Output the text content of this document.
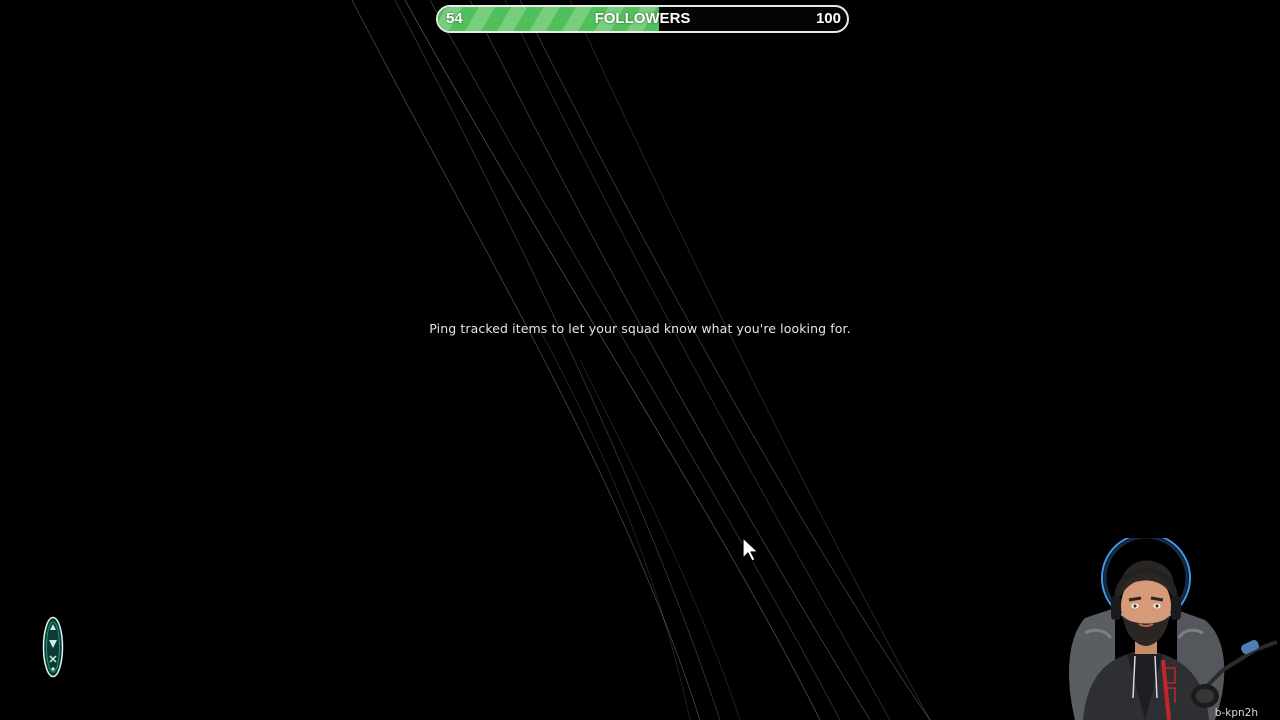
54	FOLLOWERS	100
Ping tracked items to let your squad know what you're looking for.
b-kpn2h
